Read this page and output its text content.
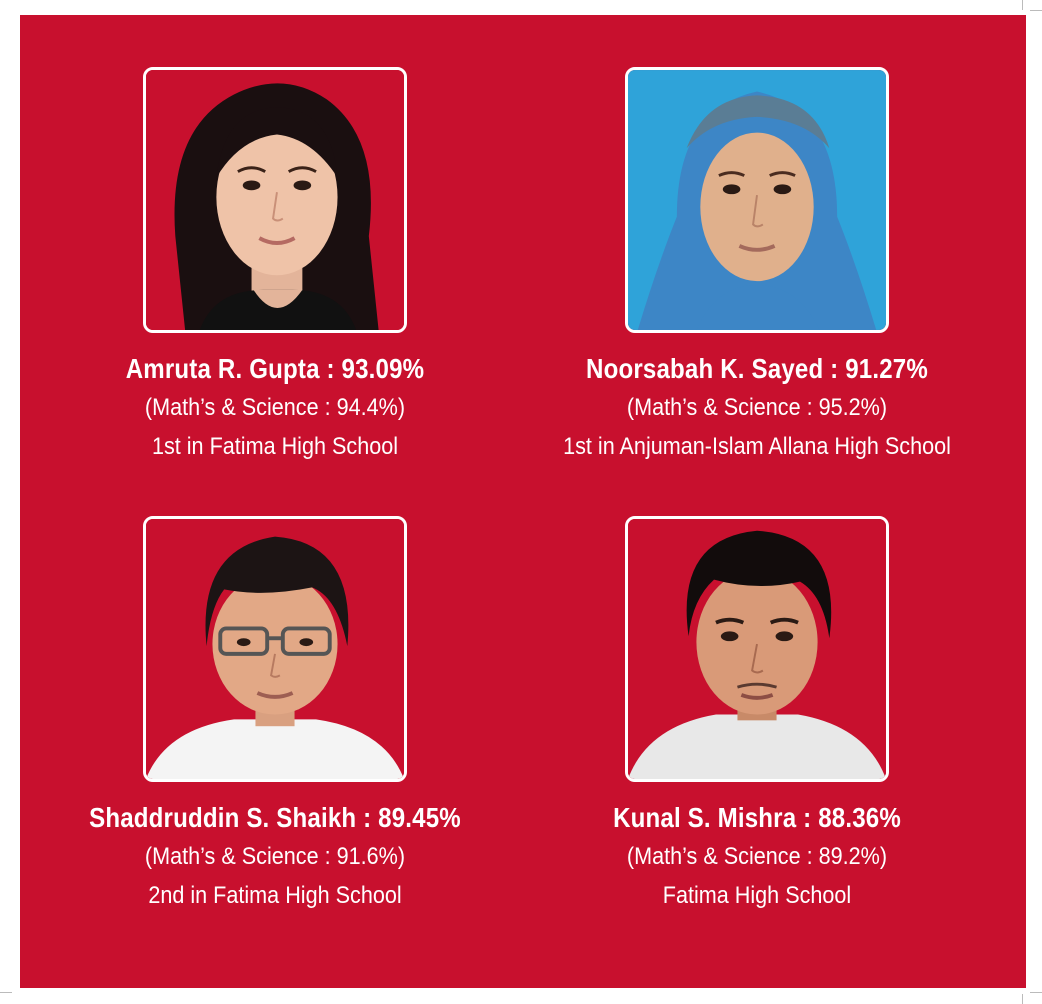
Amruta R. Gupta : 93.09%
(Math’s & Science : 94.4%)
1st in Fatima High School
Noorsabah K. Sayed : 91.27%
(Math’s & Science : 95.2%)
1st in Anjuman-Islam Allana High School
Shaddruddin S. Shaikh : 89.45%
(Math’s & Science : 91.6%)
2nd in Fatima High School
Kunal S. Mishra : 88.36%
(Math’s & Science : 89.2%)
Fatima High School
